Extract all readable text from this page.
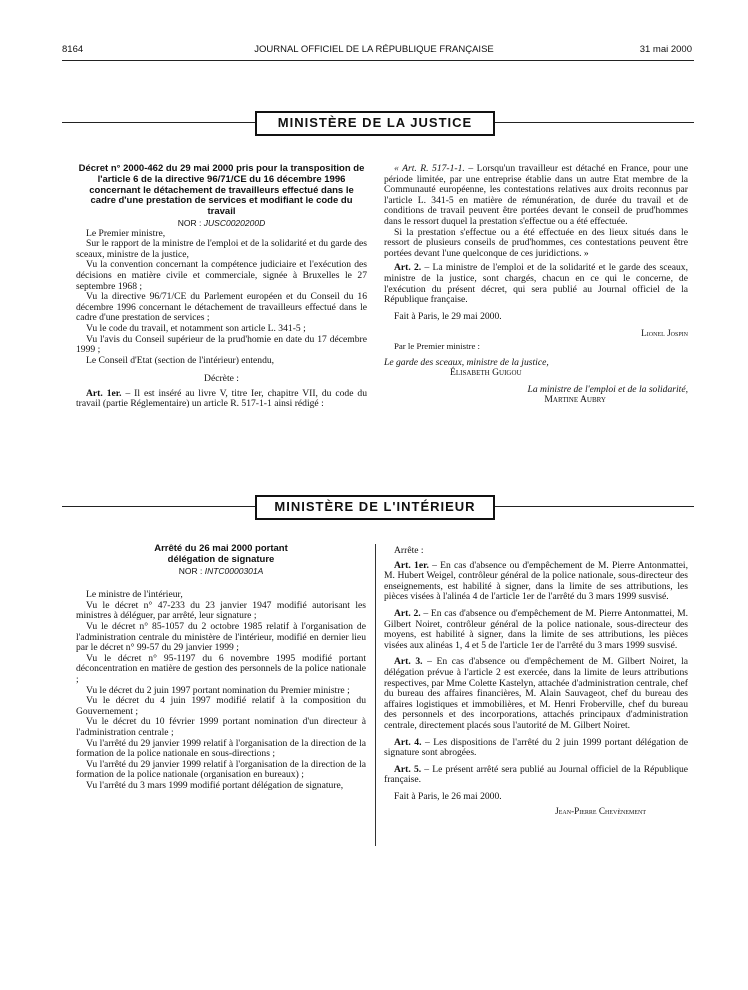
8164	JOURNAL OFFICIEL DE LA RÉPUBLIQUE FRANÇAISE	31 mai 2000
MINISTÈRE DE LA JUSTICE

Décret n° 2000-462 du 29 mai 2000 pris pour la transposition de l'article 6 de la directive 96/71/CE du 16 décembre 1996 concernant le détachement de travailleurs effectué dans le cadre d'une prestation de services et modifiant le code du travail

NOR : JUSC0020200D

Le Premier ministre,

Sur le rapport de la ministre de l'emploi et de la solidarité et du garde des sceaux, ministre de la justice,

Vu la convention concernant la compétence judiciaire et l'exécution des décisions en matière civile et commerciale, signée à Bruxelles le 27 septembre 1968 ;

Vu la directive 96/71/CE du Parlement européen et du Conseil du 16 décembre 1996 concernant le détachement de travailleurs effectué dans le cadre d'une prestation de services ;

Vu le code du travail, et notamment son article L. 341-5 ;

Vu l'avis du Conseil supérieur de la prud'homie en date du 17 décembre 1999 ;

Le Conseil d'Etat (section de l'intérieur) entendu,

Décrète :

Art. 1er. – Il est inséré au livre V, titre Ier, chapitre VII, du code du travail (partie Réglementaire) un article R. 517-1-1 ainsi rédigé :

« Art. R. 517-1-1. – Lorsqu'un travailleur est détaché en France, pour une période limitée, par une entreprise établie dans un autre Etat membre de la Communauté européenne, les contestations relatives aux droits reconnus par l'article L. 341-5 en matière de rémunération, de durée du travail et de conditions de travail peuvent être portées devant le conseil de prud'hommes dans le ressort duquel la prestation s'effectue ou a été effectuée.

Si la prestation s'effectue ou a été effectuée en des lieux situés dans le ressort de plusieurs conseils de prud'hommes, ces contestations peuvent être portées devant l'une quelconque de ces juridictions. »

Art. 2. – La ministre de l'emploi et de la solidarité et le garde des sceaux, ministre de la justice, sont chargés, chacun en ce qui le concerne, de l'exécution du présent décret, qui sera publié au Journal officiel de la République française.

Fait à Paris, le 29 mai 2000.

Lionel Jospin

Par le Premier ministre :

Le garde des sceaux, ministre de la justice,

Élisabeth Guigou

La ministre de l'emploi et de la solidarité,

Martine Aubry

MINISTÈRE DE L'INTÉRIEUR

Arrêté du 26 mai 2000 portant délégation de signature

NOR : INTC0000301A

Le ministre de l'intérieur,

Vu le décret n° 47-233 du 23 janvier 1947 modifié autorisant les ministres à déléguer, par arrêté, leur signature ;

Vu le décret n° 85-1057 du 2 octobre 1985 relatif à l'organisation de l'administration centrale du ministère de l'intérieur, modifié en dernier lieu par le décret n° 99-57 du 29 janvier 1999 ;

Vu le décret n° 95-1197 du 6 novembre 1995 modifié portant déconcentration en matière de gestion des personnels de la police nationale ;

Vu le décret du 2 juin 1997 portant nomination du Premier ministre ;

Vu le décret du 4 juin 1997 modifié relatif à la composition du Gouvernement ;

Vu le décret du 10 février 1999 portant nomination d'un directeur à l'administration centrale ;

Vu l'arrêté du 29 janvier 1999 relatif à l'organisation de la direction de la formation de la police nationale en sous-directions ;

Vu l'arrêté du 29 janvier 1999 relatif à l'organisation de la direction de la formation de la police nationale (organisation en bureaux) ;

Vu l'arrêté du 3 mars 1999 modifié portant délégation de signature,

Arrête :

Art. 1er. – En cas d'absence ou d'empêchement de M. Pierre Antonmattei, M. Hubert Weigel, contrôleur général de la police nationale, sous-directeur des enseignements, est habilité à signer, dans la limite de ses attributions, les pièces visées à l'alinéa 4 de l'article 1er de l'arrêté du 3 mars 1999 susvisé.

Art. 2. – En cas d'absence ou d'empêchement de M. Pierre Antonmattei, M. Gilbert Noiret, contrôleur général de la police nationale, sous-directeur des moyens, est habilité à signer, dans la limite de ses attributions, les pièces visées aux alinéas 1, 4 et 5 de l'article 1er de l'arrêté du 3 mars 1999 susvisé.

Art. 3. – En cas d'absence ou d'empêchement de M. Gilbert Noiret, la délégation prévue à l'article 2 est exercée, dans la limite de leurs attributions respectives, par Mme Colette Kastelyn, attachée d'administration centrale, chef du bureau des affaires financières, M. Alain Sauvageot, chef du bureau des affaires logistiques et immobilières, et M. Henri Froberville, chef du bureau des personnels et des incorporations, attachés principaux d'administration centrale, directement placés sous l'autorité de M. Gilbert Noiret.

Art. 4. – Les dispositions de l'arrêté du 2 juin 1999 portant délégation de signature sont abrogées.

Art. 5. – Le présent arrêté sera publié au Journal officiel de la République française.

Fait à Paris, le 26 mai 2000.

Jean-Pierre Chevènement
